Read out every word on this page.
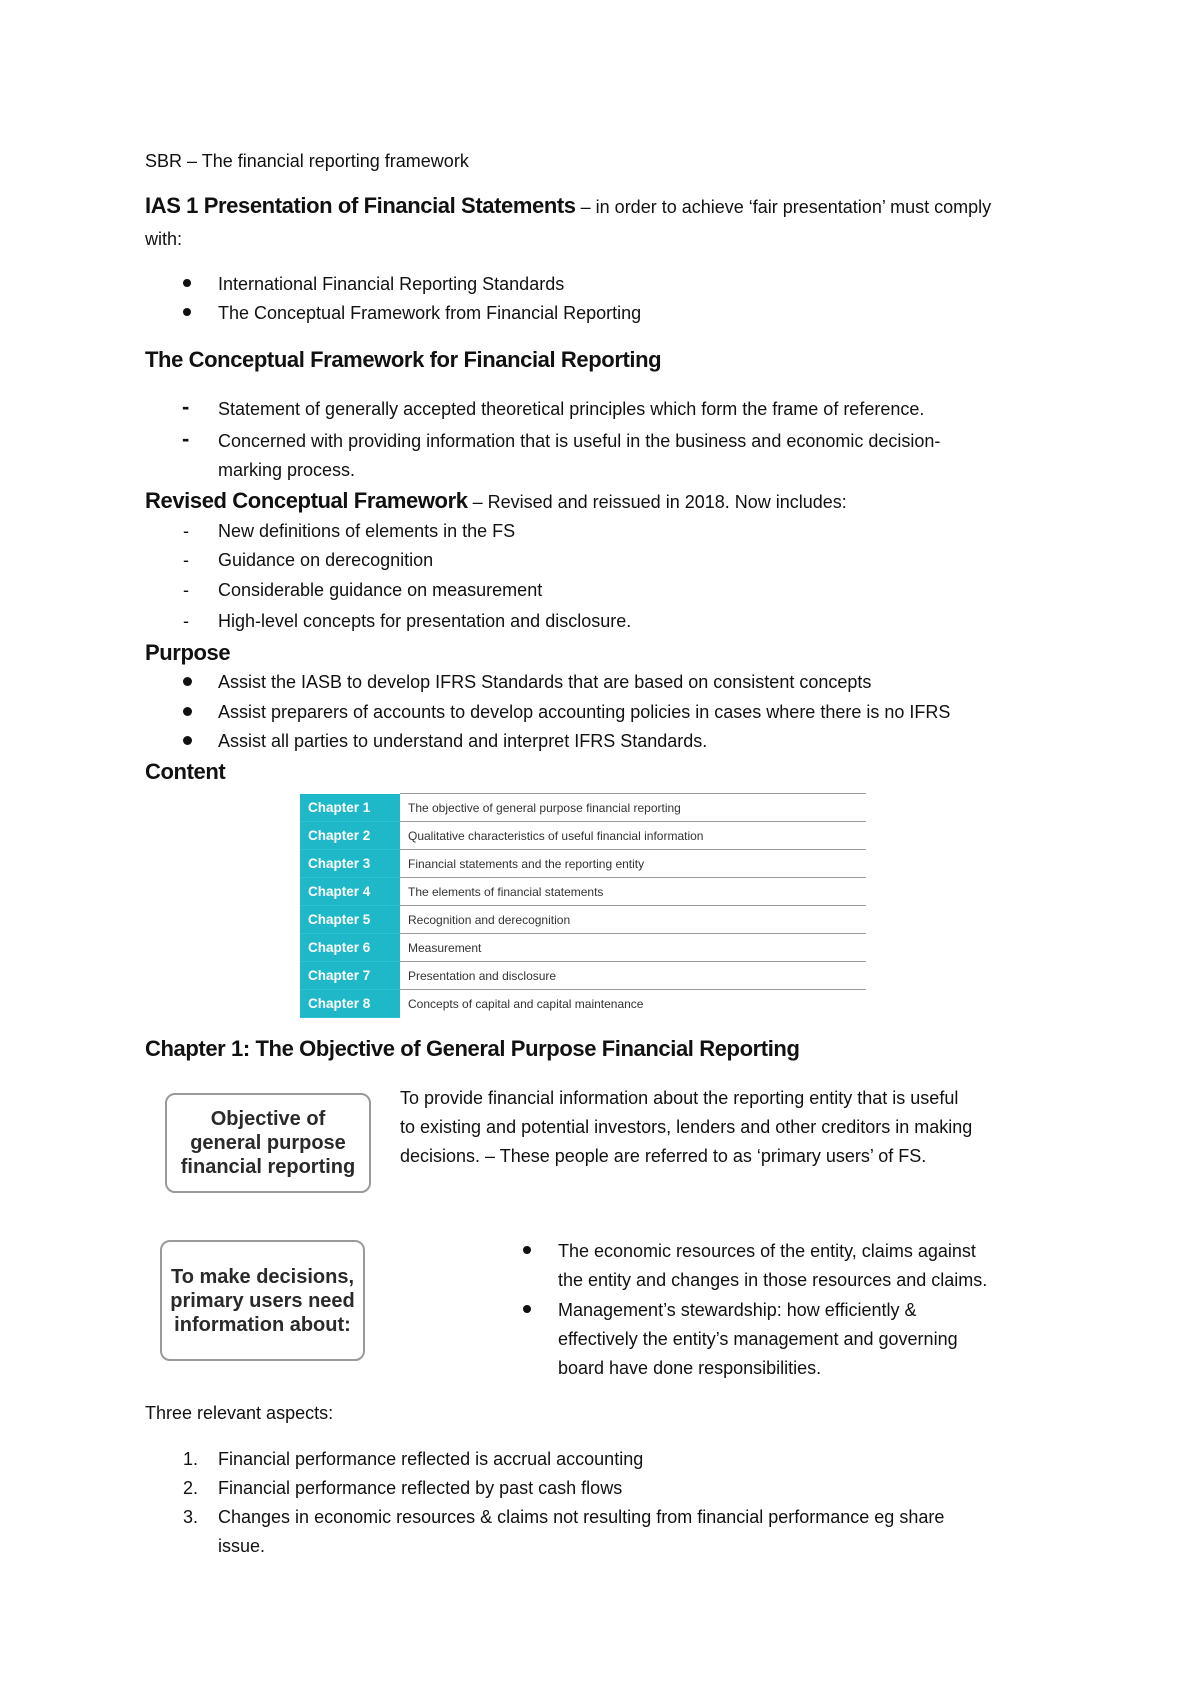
SBR – The financial reporting framework
IAS 1 Presentation of Financial Statements – in order to achieve ‘fair presentation’ must comply
with:
International Financial Reporting Standards
The Conceptual Framework from Financial Reporting
The Conceptual Framework for Financial Reporting
- Statement of generally accepted theoretical principles which form the frame of reference.
- Concerned with providing information that is useful in the business and economic decision-
marking process.
Revised Conceptual Framework – Revised and reissued in 2018. Now includes:
- New definitions of elements in the FS
- Guidance on derecognition
- Considerable guidance on measurement
- High-level concepts for presentation and disclosure.
Purpose
Assist the IASB to develop IFRS Standards that are based on consistent concepts
Assist preparers of accounts to develop accounting policies in cases where there is no IFRS
Assist all parties to understand and interpret IFRS Standards.
Content
Chapter 1	The objective of general purpose financial reporting
Chapter 2	Qualitative characteristics of useful financial information
Chapter 3	Financial statements and the reporting entity
Chapter 4	The elements of financial statements
Chapter 5	Recognition and derecognition
Chapter 6	Measurement
Chapter 7	Presentation and disclosure
Chapter 8	Concepts of capital and capital maintenance
Chapter 1: The Objective of General Purpose Financial Reporting
Objective of
general purpose
financial reporting
To provide financial information about the reporting entity that is useful
to existing and potential investors, lenders and other creditors in making
decisions. – These people are referred to as ‘primary users’ of FS.
To make decisions,
primary users need
information about:
The economic resources of the entity, claims against
the entity and changes in those resources and claims.
Management’s stewardship: how efficiently &
effectively the entity’s management and governing
board have done responsibilities.
Three relevant aspects:
1. Financial performance reflected is accrual accounting
2. Financial performance reflected by past cash flows
3. Changes in economic resources & claims not resulting from financial performance eg share
issue.
